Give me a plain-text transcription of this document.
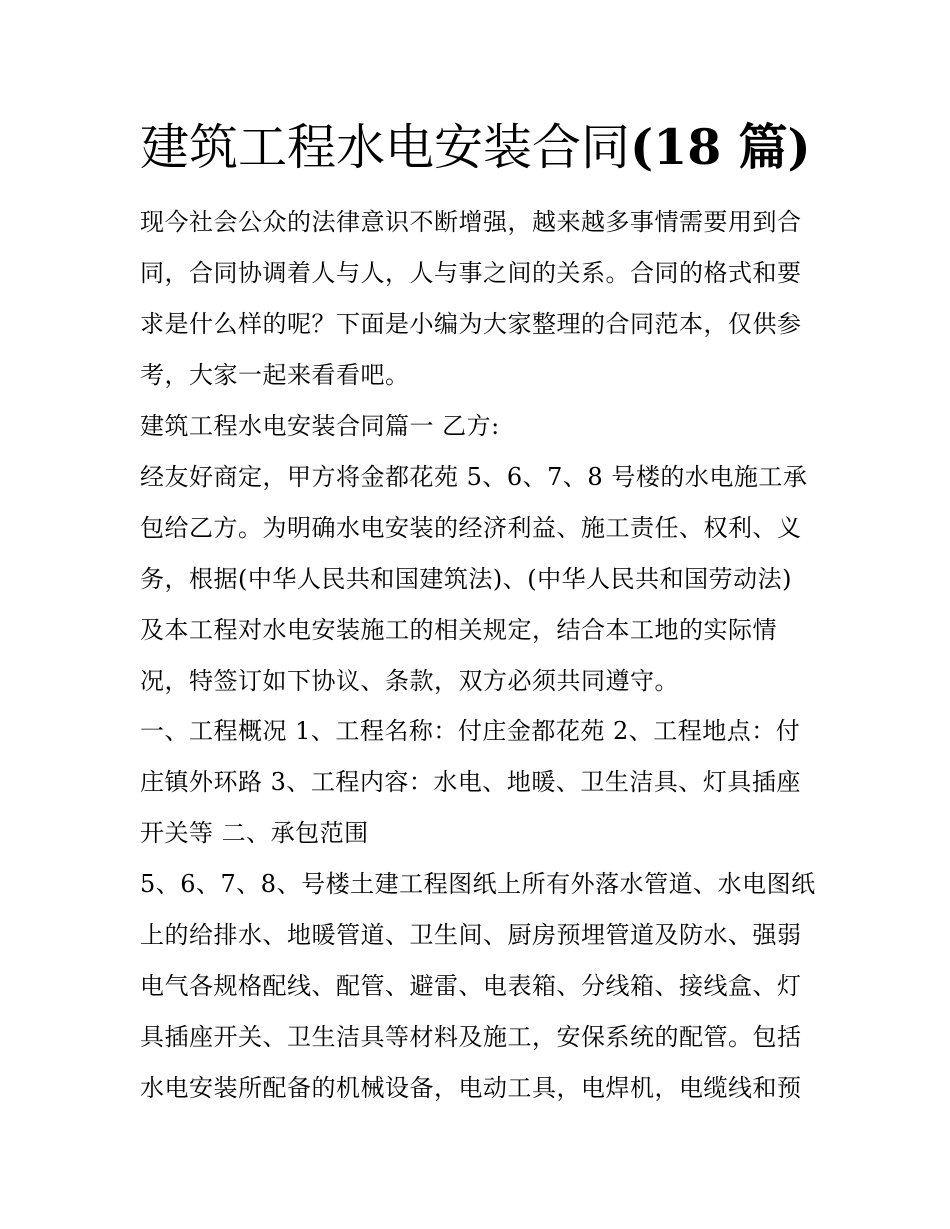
建筑工程水电安装合同(18 篇)

现今社会公众的法律意识不断增强，越来越多事情需要用到合

同，合同协调着人与人，人与事之间的关系。合同的格式和要

求是什么样的呢？下面是小编为大家整理的合同范本，仅供参

考，大家一起来看看吧。

建筑工程水电安装合同篇一 乙方:

经友好商定，甲方将金都花苑 5、6、7、8 号楼的水电施工承

包给乙方。为明确水电安装的经济利益、施工责任、权利、义

务，根据(中华人民共和国建筑法)、(中华人民共和国劳动法)

及本工程对水电安装施工的相关规定，结合本工地的实际情

况，特签订如下协议、条款，双方必须共同遵守。

一、工程概况 1、工程名称：付庄金都花苑 2、工程地点：付

庄镇外环路 3、工程内容：水电、地暖、卫生洁具、灯具插座

开关等 二、承包范围

5、6、7、8、号楼土建工程图纸上所有外落水管道、水电图纸

上的给排水、地暖管道、卫生间、厨房预埋管道及防水、强弱

电气各规格配线、配管、避雷、电表箱、分线箱、接线盒、灯

具插座开关、卫生洁具等材料及施工，安保系统的配管。包括

水电安装所配备的机械设备，电动工具，电焊机，电缆线和预
